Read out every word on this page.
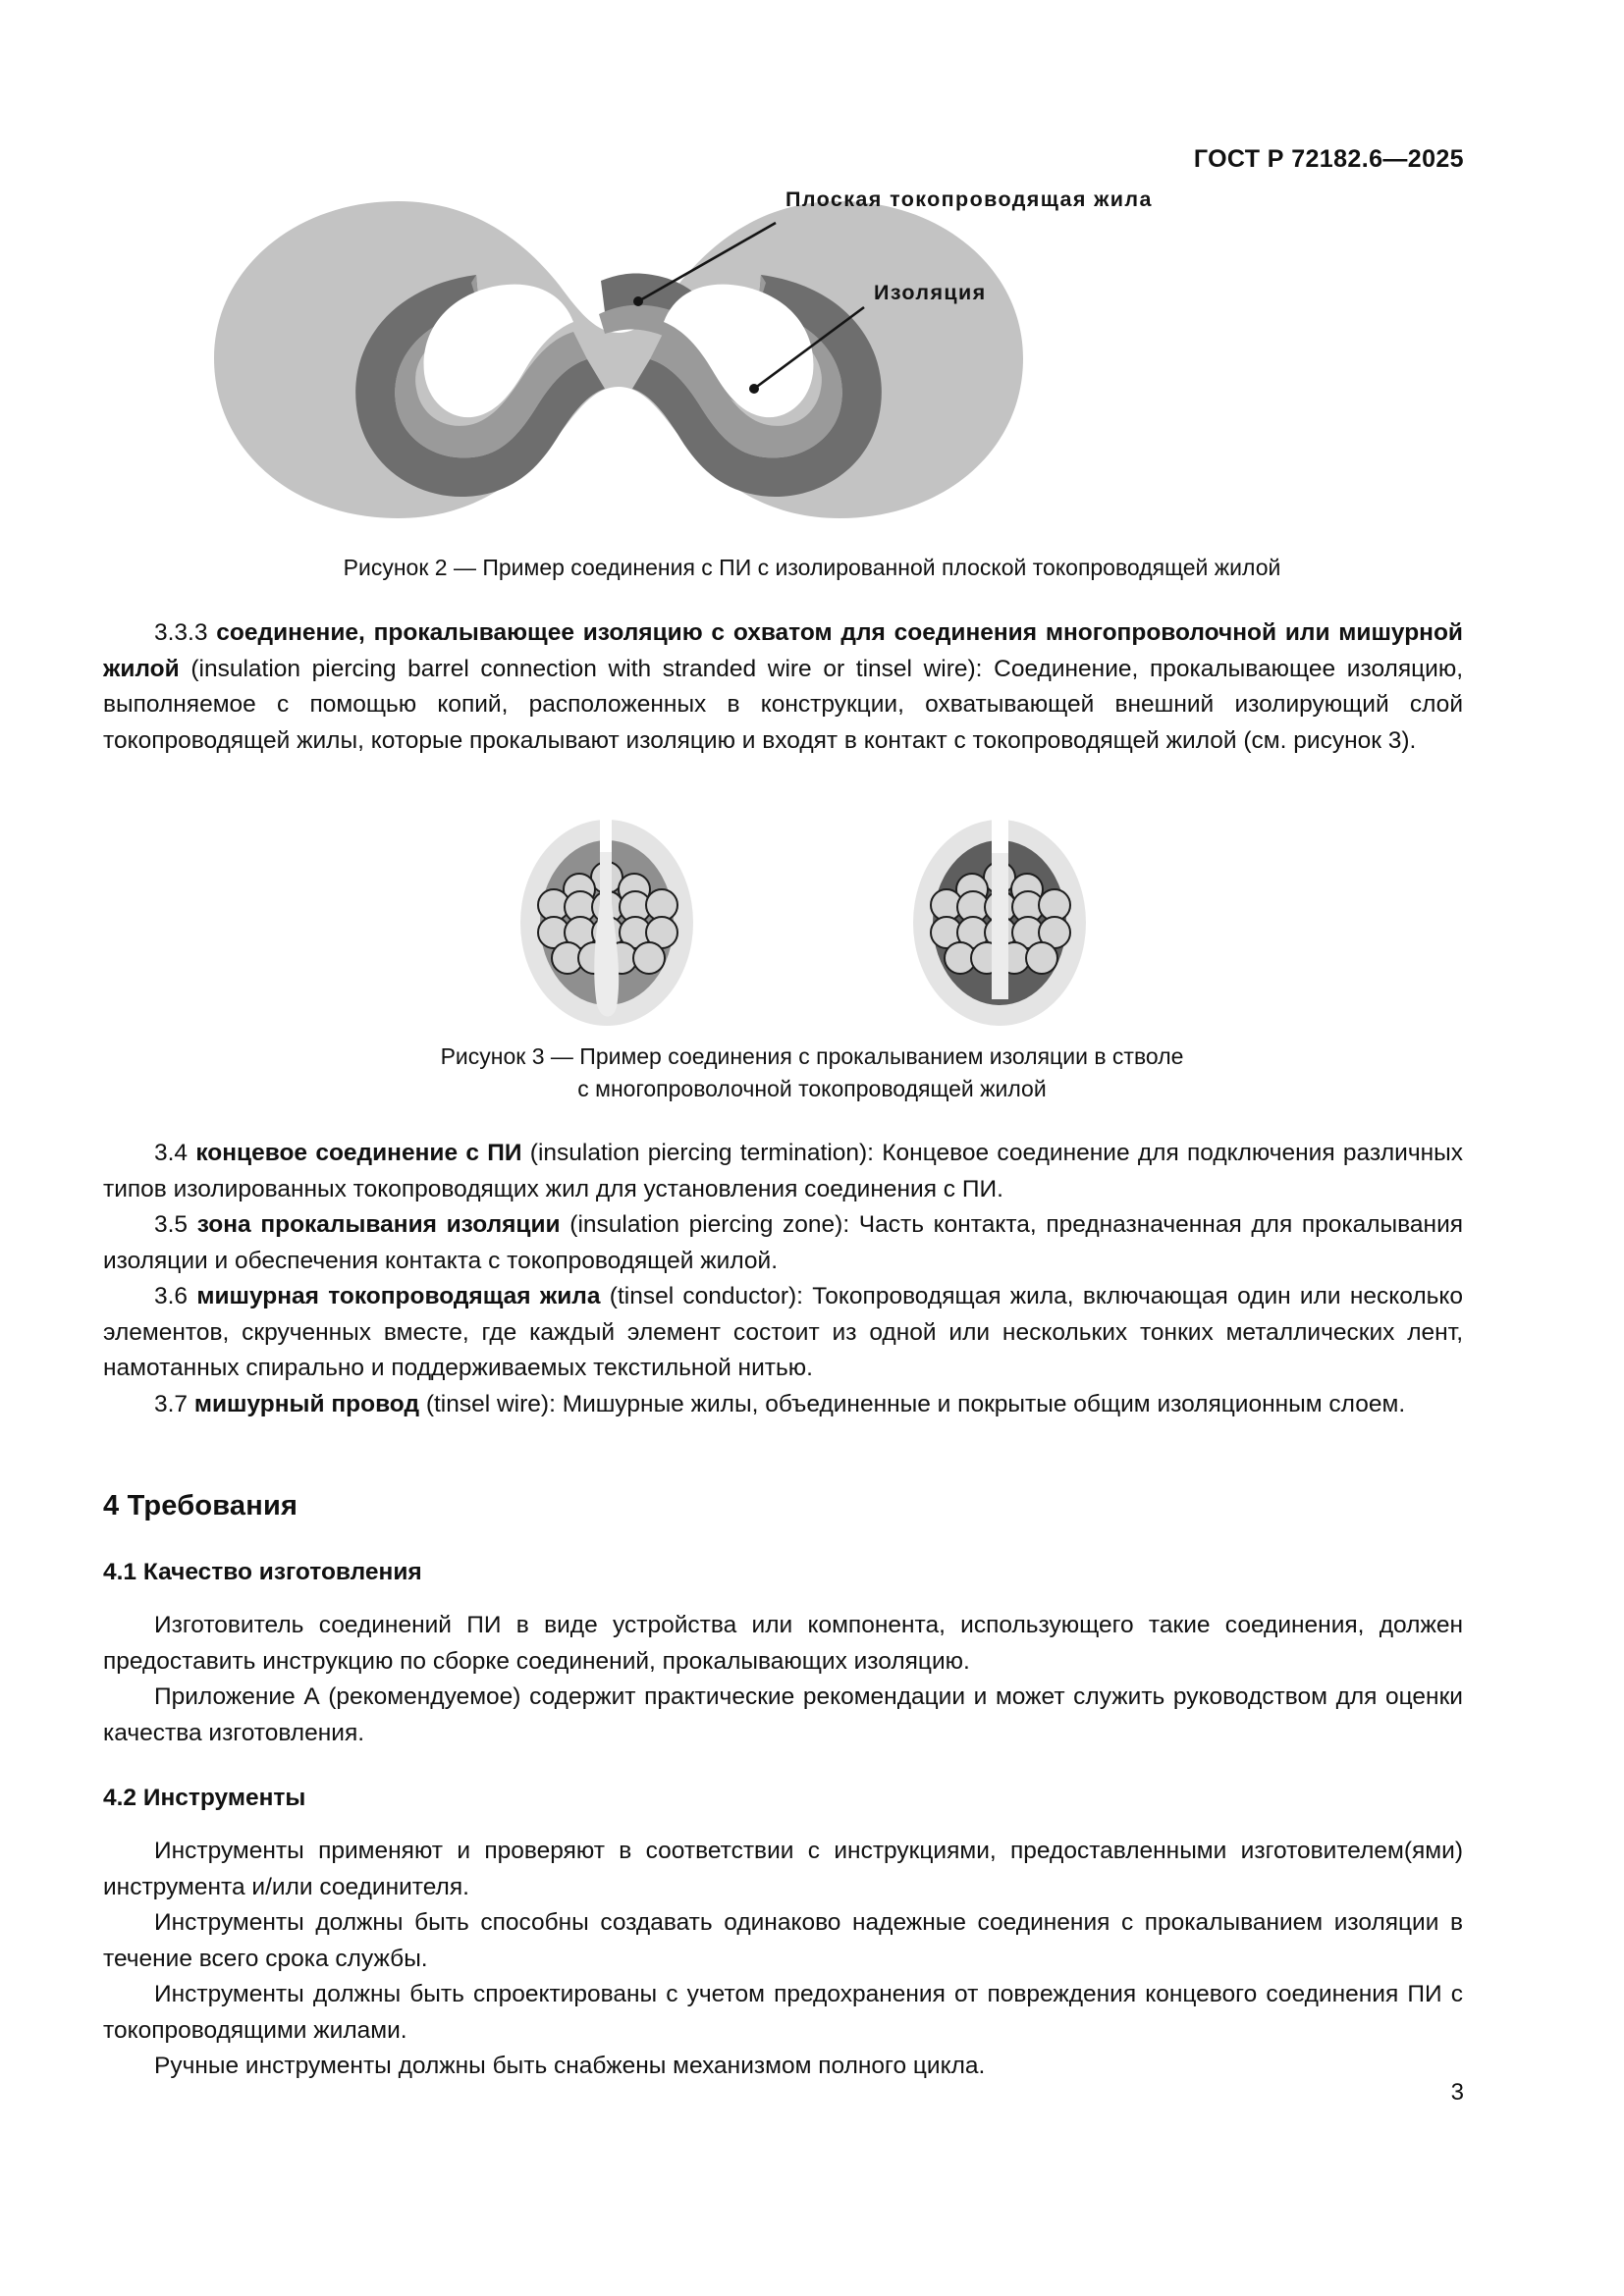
ГОСТ Р 72182.6—2025
Плоская токопроводящая жила
Изоляция
Рисунок 2 — Пример соединения с ПИ с изолированной плоской токопроводящей жилой

3.3.3 соединение, прокалывающее изоляцию с охватом для соединения многопроволочной или мишурной жилой (insulation piercing barrel connection with stranded wire or tinsel wire): Соединение, прокалывающее изоляцию, выполняемое с помощью копий, расположенных в конструкции, охватывающей внешний изолирующий слой токопроводящей жилы, которые прокалывают изоляцию и входят в контакт с токопроводящей жилой (см. рисунок 3).

Рисунок 3 — Пример соединения с прокалыванием изоляции в стволе
с многопроволочной токопроводящей жилой

3.4 концевое соединение с ПИ (insulation piercing termination): Концевое соединение для подключения различных типов изолированных токопроводящих жил для установления соединения с ПИ.

3.5 зона прокалывания изоляции (insulation piercing zone): Часть контакта, предназначенная для прокалывания изоляции и обеспечения контакта с токопроводящей жилой.

3.6 мишурная токопроводящая жила (tinsel conductor): Токопроводящая жила, включающая один или несколько элементов, скрученных вместе, где каждый элемент состоит из одной или нескольких тонких металлических лент, намотанных спирально и поддерживаемых текстильной нитью.

3.7 мишурный провод (tinsel wire): Мишурные жилы, объединенные и покрытые общим изоляционным слоем.

4 Требования
4.1 Качество изготовления

Изготовитель соединений ПИ в виде устройства или компонента, использующего такие соединения, должен предоставить инструкцию по сборке соединений, прокалывающих изоляцию.

Приложение А (рекомендуемое) содержит практические рекомендации и может служить руководством для оценки качества изготовления.

4.2 Инструменты

Инструменты применяют и проверяют в соответствии с инструкциями, предоставленными изготовителем(ями) инструмента и/или соединителя.

Инструменты должны быть способны создавать одинаково надежные соединения с прокалыванием изоляции в течение всего срока службы.

Инструменты должны быть спроектированы с учетом предохранения от повреждения концевого соединения ПИ с токопроводящими жилами.

Ручные инструменты должны быть снабжены механизмом полного цикла.

3
